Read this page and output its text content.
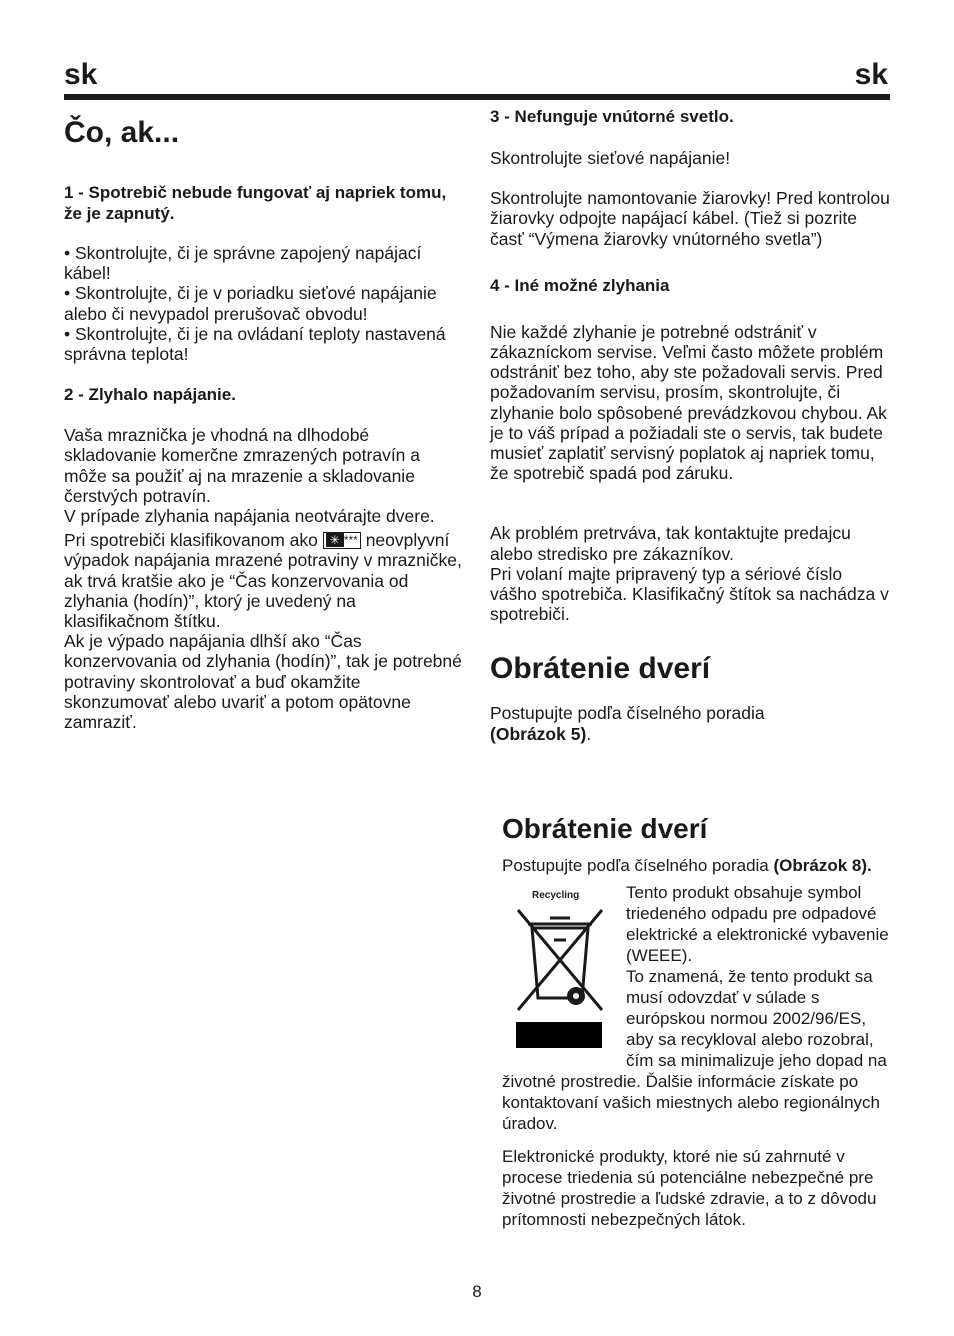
sk	sk
Čo, ak...
1 - Spotrebič nebude fungovať aj napriek tomu, že je zapnutý.

• Skontrolujte, či je správne zapojený napájací kábel!

• Skontrolujte, či je v poriadku sieťové napájanie alebo či nevypadol prerušovač obvodu!

• Skontrolujte, či je na ovládaní teploty nastavená správna teplota!

2 - Zlyhalo napájanie.

Vaša mraznička je vhodná na dlhodobé skladovanie komerčne zmrazených potravín a môže sa použiť aj na mrazenie a skladovanie čerstvých potravín.

V prípade zlyhania napájania neotvárajte dvere.

Pri spotrebiči klasifikovanom ako ✳ *** neovplyvní výpadok napájania mrazené potraviny v mrazničke, ak trvá kratšie ako je “Čas konzervovania od zlyhania (hodín)”, ktorý je uvedený na klasifikačnom štítku.

Ak je výpado napájania dlhší ako “Čas konzervovania od zlyhania (hodín)”, tak je potrebné potraviny skontrolovať a buď okamžite skonzumovať alebo uvariť a potom opätovne zamraziť.

3 - Nefunguje vnútorné svetlo.

Skontrolujte sieťové napájanie!

Skontrolujte namontovanie žiarovky! Pred kontrolou žiarovky odpojte napájací kábel. (Tiež si pozrite časť “Výmena žiarovky vnútorného svetla”)

4 - Iné možné zlyhania

Nie každé zlyhanie je potrebné odstrániť v zákazníckom servise. Veľmi často môžete problém odstrániť bez toho, aby ste požadovali servis. Pred požadovaním servisu, prosím, skontrolujte, či zlyhanie bolo spôsobené prevádzkovou chybou. Ak je to váš prípad a požiadali ste o servis, tak budete musieť zaplatiť servisný poplatok aj napriek tomu, že spotrebič spadá pod záruku.

Ak problém pretrváva, tak kontaktujte predajcu alebo stredisko pre zákazníkov.

Pri volaní majte pripravený typ a sériové číslo vášho spotrebiča. Klasifikačný štítok sa nachádza v spotrebiči.

Obrátenie dverí

Postupujte podľa číselného poradia
(Obrázok 5).

Obrátenie dverí

Postupujte podľa číselného poradia (Obrázok 8).

Recycling	Tento produkt obsahuje symbol triedeného odpadu pre odpadové elektrické a elektronické vybavenie (WEEE).

To znamená, že tento produkt sa musí odovzdať v súlade s európskou normou 2002/96/ES, aby sa recykloval alebo rozobral, čím sa minimalizuje jeho dopad na životné prostredie. Ďalšie informácie získate po kontaktovaní vašich miestnych alebo regionálnych úradov.

Elektronické produkty, ktoré nie sú zahrnuté v procese triedenia sú potenciálne nebezpečné pre životné prostredie a ľudské zdravie, a to z dôvodu prítomnosti nebezpečných látok.

8
